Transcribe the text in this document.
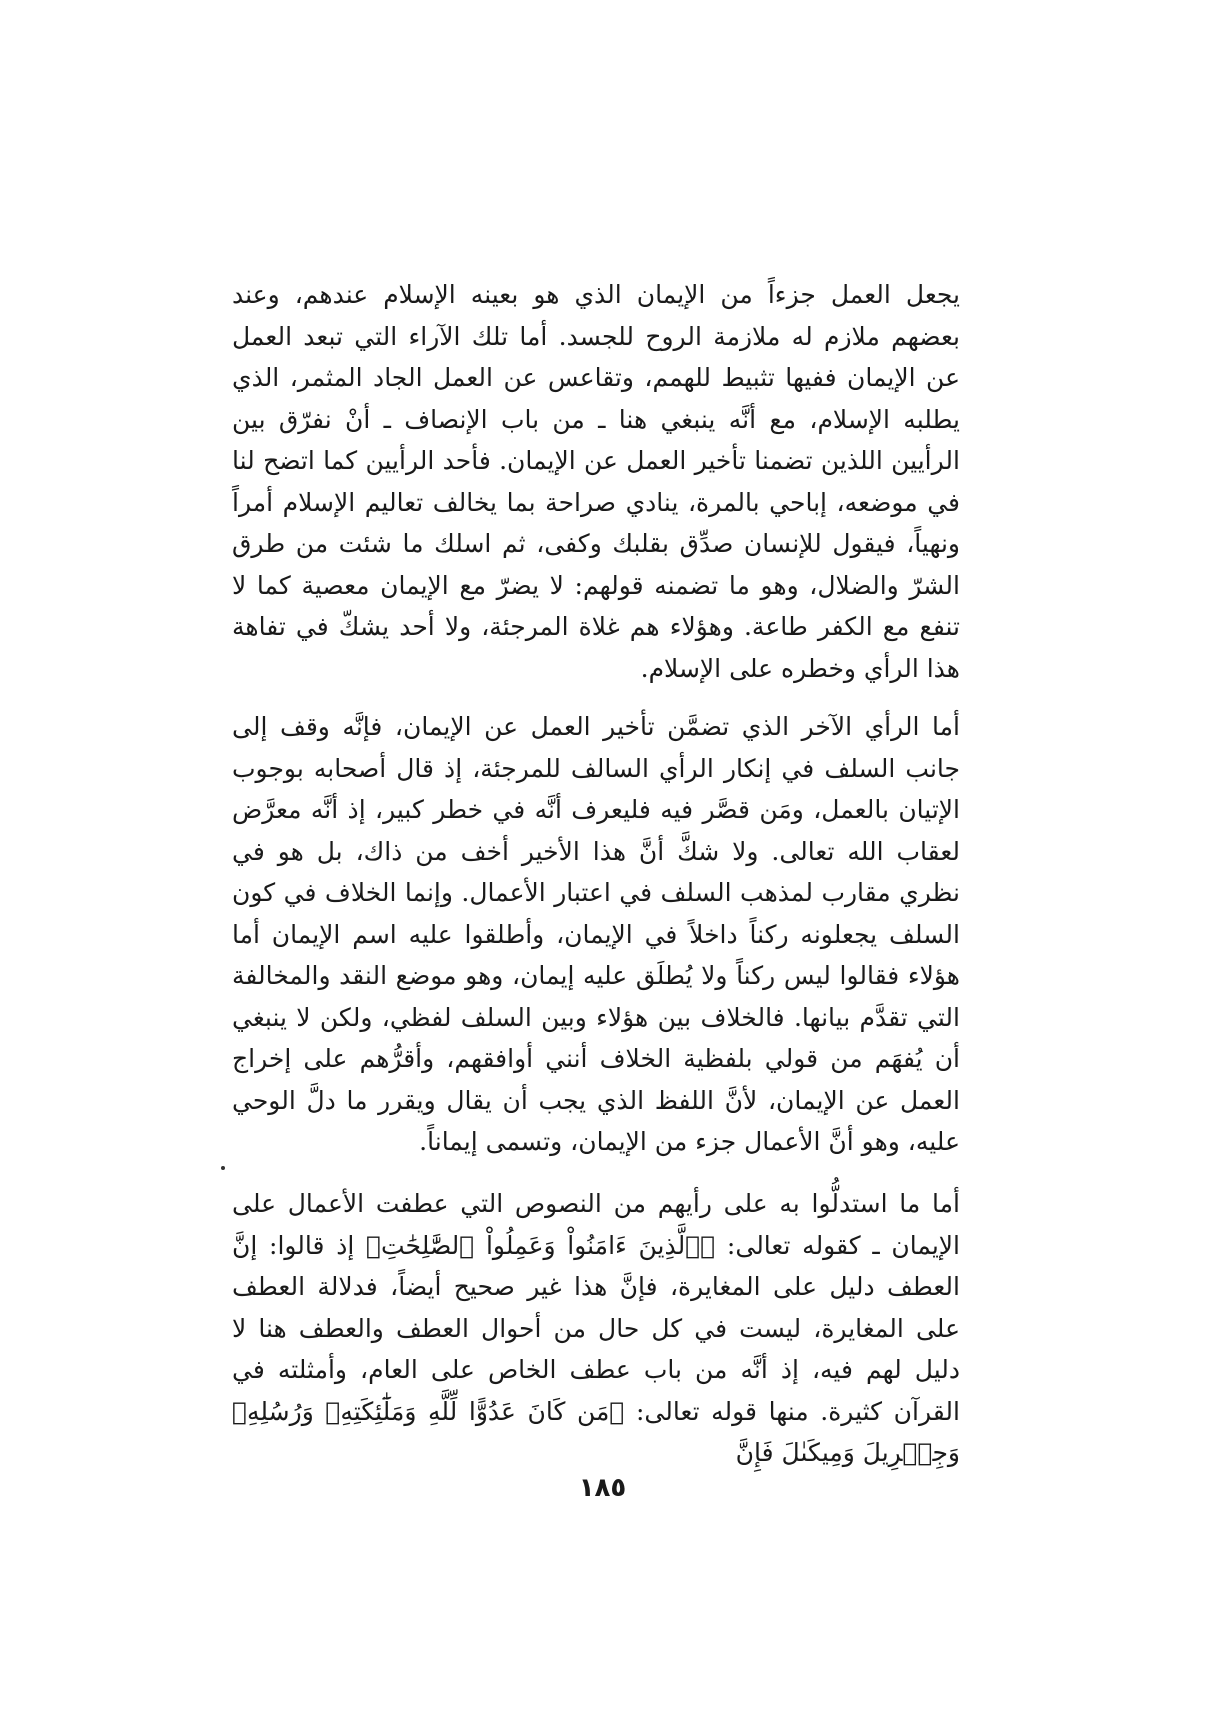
يجعل العمل جزءاً من الإيمان الذي هو بعينه الإسلام عندهم، وعند بعضهم ملازم له ملازمة الروح للجسد. أما تلك الآراء التي تبعد العمل عن الإيمان ففيها تثبيط للهمم، وتقاعس عن العمل الجاد المثمر، الذي يطلبه الإسلام، مع أنَّه ينبغي هنا ـ من باب الإنصاف ـ أنْ نفرّق بين الرأيين اللذين تضمنا تأخير العمل عن الإيمان. فأحد الرأيين كما اتضح لنا في موضعه، إباحي بالمرة، ينادي صراحة بما يخالف تعاليم الإسلام أمراً ونهياً، فيقول للإنسان صدِّق بقلبك وكفى، ثم اسلك ما شئت من طرق الشرّ والضلال، وهو ما تضمنه قولهم: لا يضرّ مع الإيمان معصية كما لا تنفع مع الكفر طاعة. وهؤلاء هم غلاة المرجئة، ولا أحد يشكّ في تفاهة هذا الرأي وخطره على الإسلام.

أما الرأي الآخر الذي تضمَّن تأخير العمل عن الإيمان، فإنَّه وقف إلى جانب السلف في إنكار الرأي السالف للمرجئة، إذ قال أصحابه بوجوب الإتيان بالعمل، ومَن قصَّر فيه فليعرف أنَّه في خطر كبير، إذ أنَّه معرَّض لعقاب الله تعالى. ولا شكَّ أنَّ هذا الأخير أخف من ذاك، بل هو في نظري مقارب لمذهب السلف في اعتبار الأعمال. وإنما الخلاف في كون السلف يجعلونه ركناً داخلاً في الإيمان، وأطلقوا عليه اسم الإيمان أما هؤلاء فقالوا ليس ركناً ولا يُطلَق عليه إيمان، وهو موضع النقد والمخالفة التي تقدَّم بيانها. فالخلاف بين هؤلاء وبين السلف لفظي، ولكن لا ينبغي أن يُفهَم من قولي بلفظية الخلاف أنني أوافقهم، وأقرُّهم على إخراج العمل عن الإيمان، لأنَّ اللفظ الذي يجب أن يقال ويقرر ما دلَّ الوحي عليه، وهو أنَّ الأعمال جزء من الإيمان، وتسمى إيماناً.

أما ما استدلُّوا به على رأيهم من النصوص التي عطفت الأعمال على الإيمان ـ كقوله تعالى: ﴿ٱلَّذِينَ ءَامَنُواْ وَعَمِلُواْ ٱلصَّٰلِحَٰتِ﴾ إذ قالوا: إنَّ العطف دليل على المغايرة، فإنَّ هذا غير صحيح أيضاً، فدلالة العطف على المغايرة، ليست في كل حال من أحوال العطف والعطف هنا لا دليل لهم فيه، إذ أنَّه من باب عطف الخاص على العام، وأمثلته في القرآن كثيرة. منها قوله تعالى: ﴿مَن كَانَ عَدُوًّا لِّلَّهِ وَمَلَٰٓئِكَتِهِۦ وَرُسُلِهِۦ وَجِبۡرِيلَ وَمِيكَىٰلَ فَإِنَّ

١٨٥
